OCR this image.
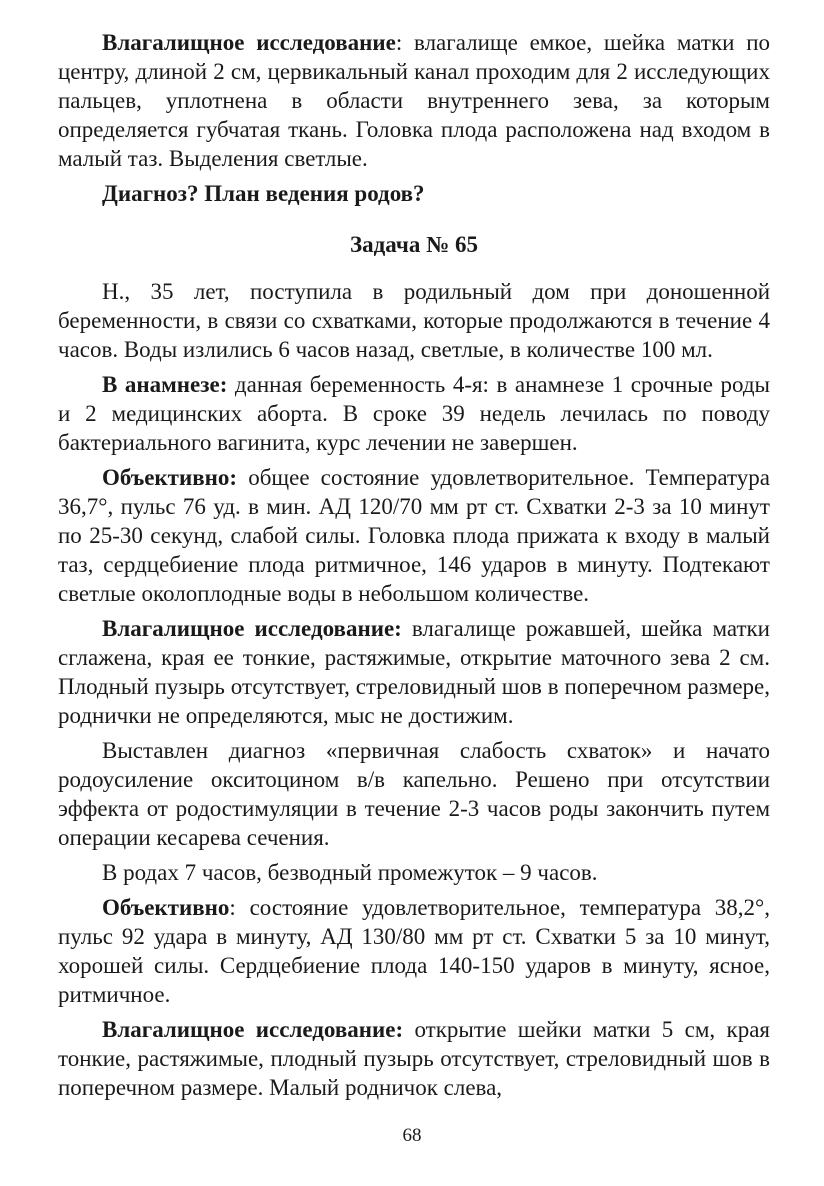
Влагалищное исследование: влагалище емкое, шейка матки по центру, длиной 2 см, цервикальный канал проходим для 2 исследующих пальцев, уплотнена в области внутреннего зева, за которым определяется губчатая ткань. Головка плода расположена над входом в малый таз. Выделения светлые.

Диагноз? План ведения родов?

Задача № 65

Н., 35 лет, поступила в родильный дом при доношенной беременности, в связи со схватками, которые продолжаются в течение 4 часов. Воды излились 6 часов назад, светлые, в количестве 100 мл.

В анамнезе: данная беременность 4-я: в анамнезе 1 срочные роды и 2 медицинских аборта. В сроке 39 недель лечилась по поводу бактериального вагинита, курс лечении не завершен.

Объективно: общее состояние удовлетворительное. Температура 36,7°, пульс 76 уд. в мин. АД 120/70 мм рт ст. Схватки 2-3 за 10 минут по 25-30 секунд, слабой силы. Головка плода прижата к входу в малый таз, сердцебиение плода ритмичное, 146 ударов в минуту. Подтекают светлые околоплодные воды в небольшом количестве.

Влагалищное исследование: влагалище рожавшей, шейка матки сглажена, края ее тонкие, растяжимые, открытие маточного зева 2 см. Плодный пузырь отсутствует, стреловидный шов в поперечном размере, роднички не определяются, мыс не достижим.

Выставлен диагноз «первичная слабость схваток» и начато родоусиление окситоцином в/в капельно. Решено при отсутствии эффекта от родостимуляции в течение 2-3 часов роды закончить путем операции кесарева сечения.

В родах 7 часов, безводный промежуток – 9 часов.

Объективно: состояние удовлетворительное, температура 38,2°, пульс 92 удара в минуту, АД 130/80 мм рт ст. Схватки 5 за 10 минут, хорошей силы. Сердцебиение плода 140-150 ударов в минуту, ясное, ритмичное.

Влагалищное исследование: открытие шейки матки 5 см, края тонкие, растяжимые, плодный пузырь отсутствует, стреловидный шов в поперечном размере. Малый родничок слева,

68
